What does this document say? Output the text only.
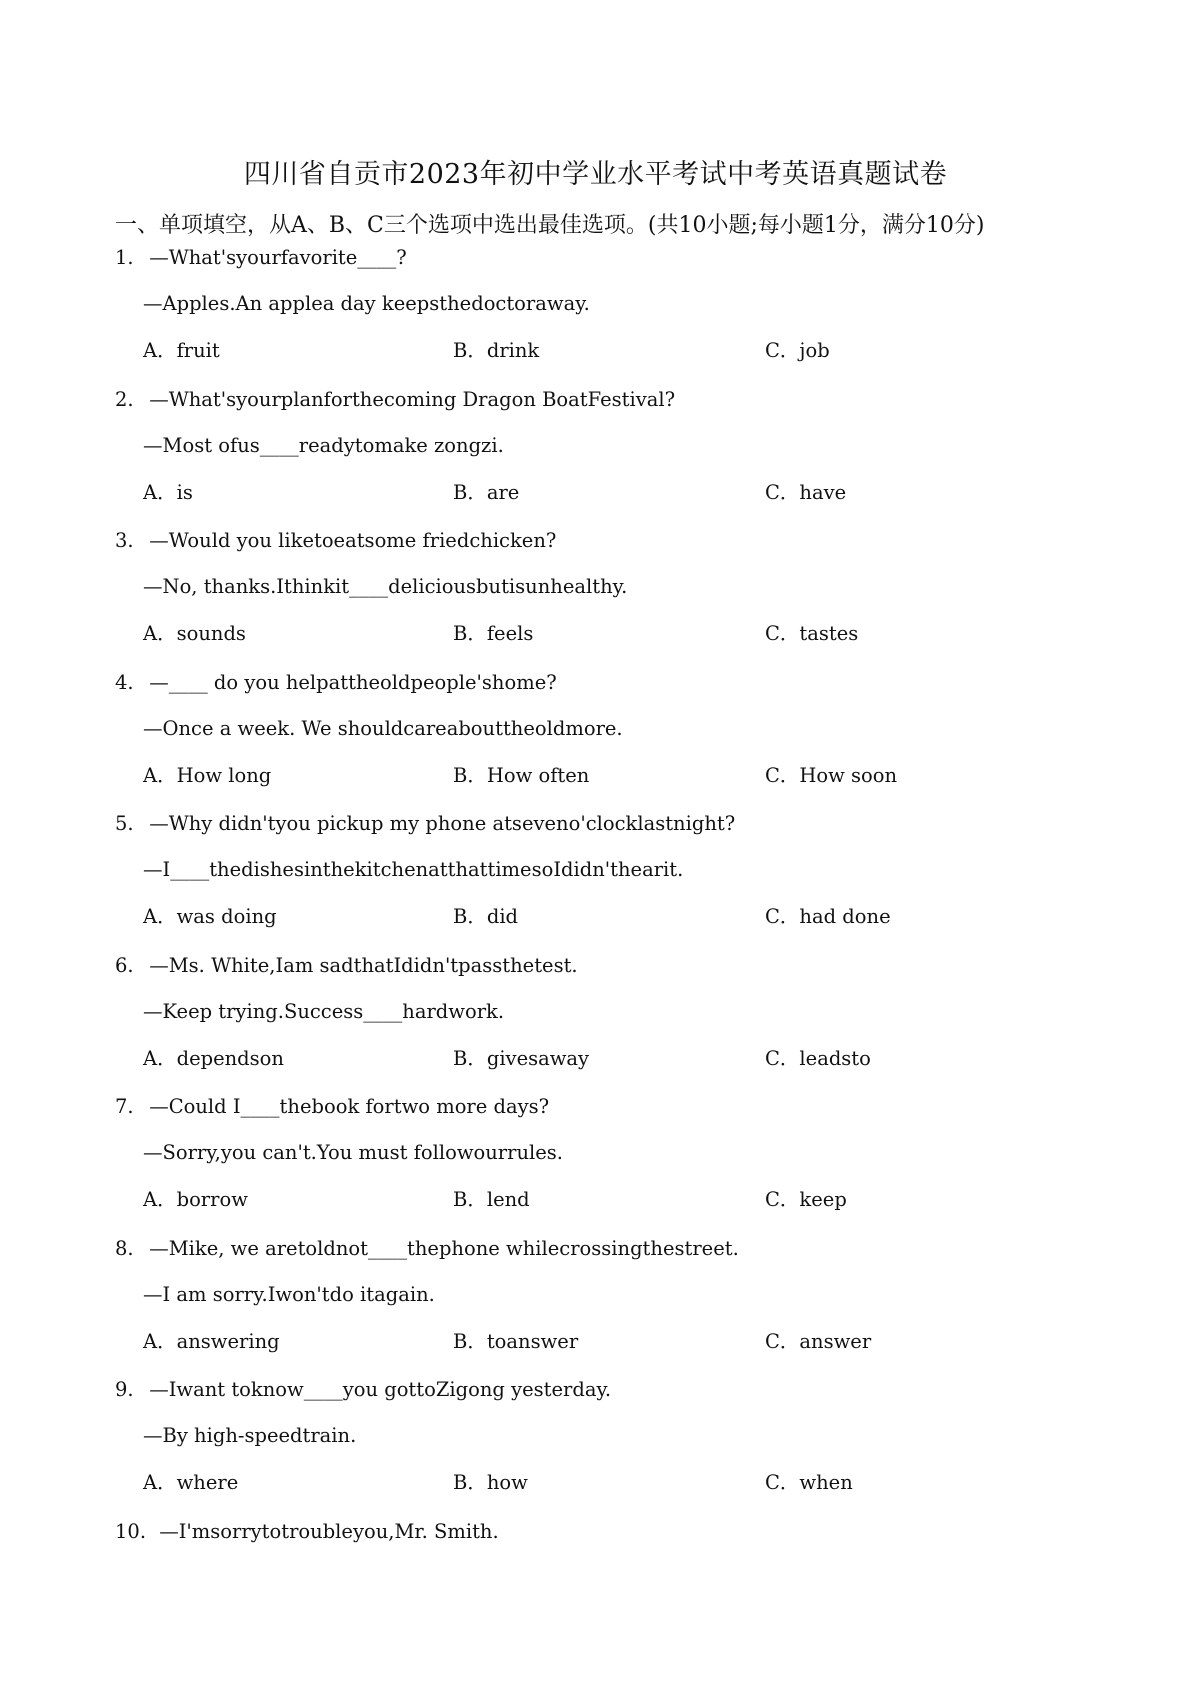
四川省自贡市2023年初中学业水平考试中考英语真题试卷
一、单项填空，从A、B、C三个选项中选出最佳选项。(共10小题;每小题1分，满分10分)
1. —What'syourfavorite____?
—Apples.An applea day keepsthedoctoraway.
A．fruit	B．drink	C．job
2. —What'syourplanforthecoming Dragon BoatFestival?
—Most ofus____readytomake zongzi.
A．is	B．are	C．have
3. —Would you liketoeatsome friedchicken?
—No, thanks.Ithinkit____deliciousbutisunhealthy.
A．sounds	B．feels	C．tastes
4. —____ do you helpattheoldpeople'shome?
—Once a week. We shouldcareabouttheoldmore.
A．How long	B．How often	C．How soon
5. —Why didn'tyou pickup my phone atseveno'clocklastnight?
—I____thedishesinthekitchenatthattimesoIdidn'thearit.
A．was doing	B．did	C．had done
6. —Ms. White,Iam sadthatIdidn'tpassthetest.
—Keep trying.Success____hardwork.
A．dependson	B．givesaway	C．leadsto
7. —Could I____thebook fortwo more days?
—Sorry,you can't.You must followourrules.
A．borrow	B．lend	C．keep
8. —Mike, we aretoldnot____thephone whilecrossingthestreet.
—I am sorry.Iwon'tdo itagain.
A．answering	B．toanswer	C．answer
9. —Iwant toknow____you gottoZigong yesterday.
—By high-speedtrain.
A．where	B．how	C．when
10. —I'msorrytotroubleyou,Mr. Smith.
